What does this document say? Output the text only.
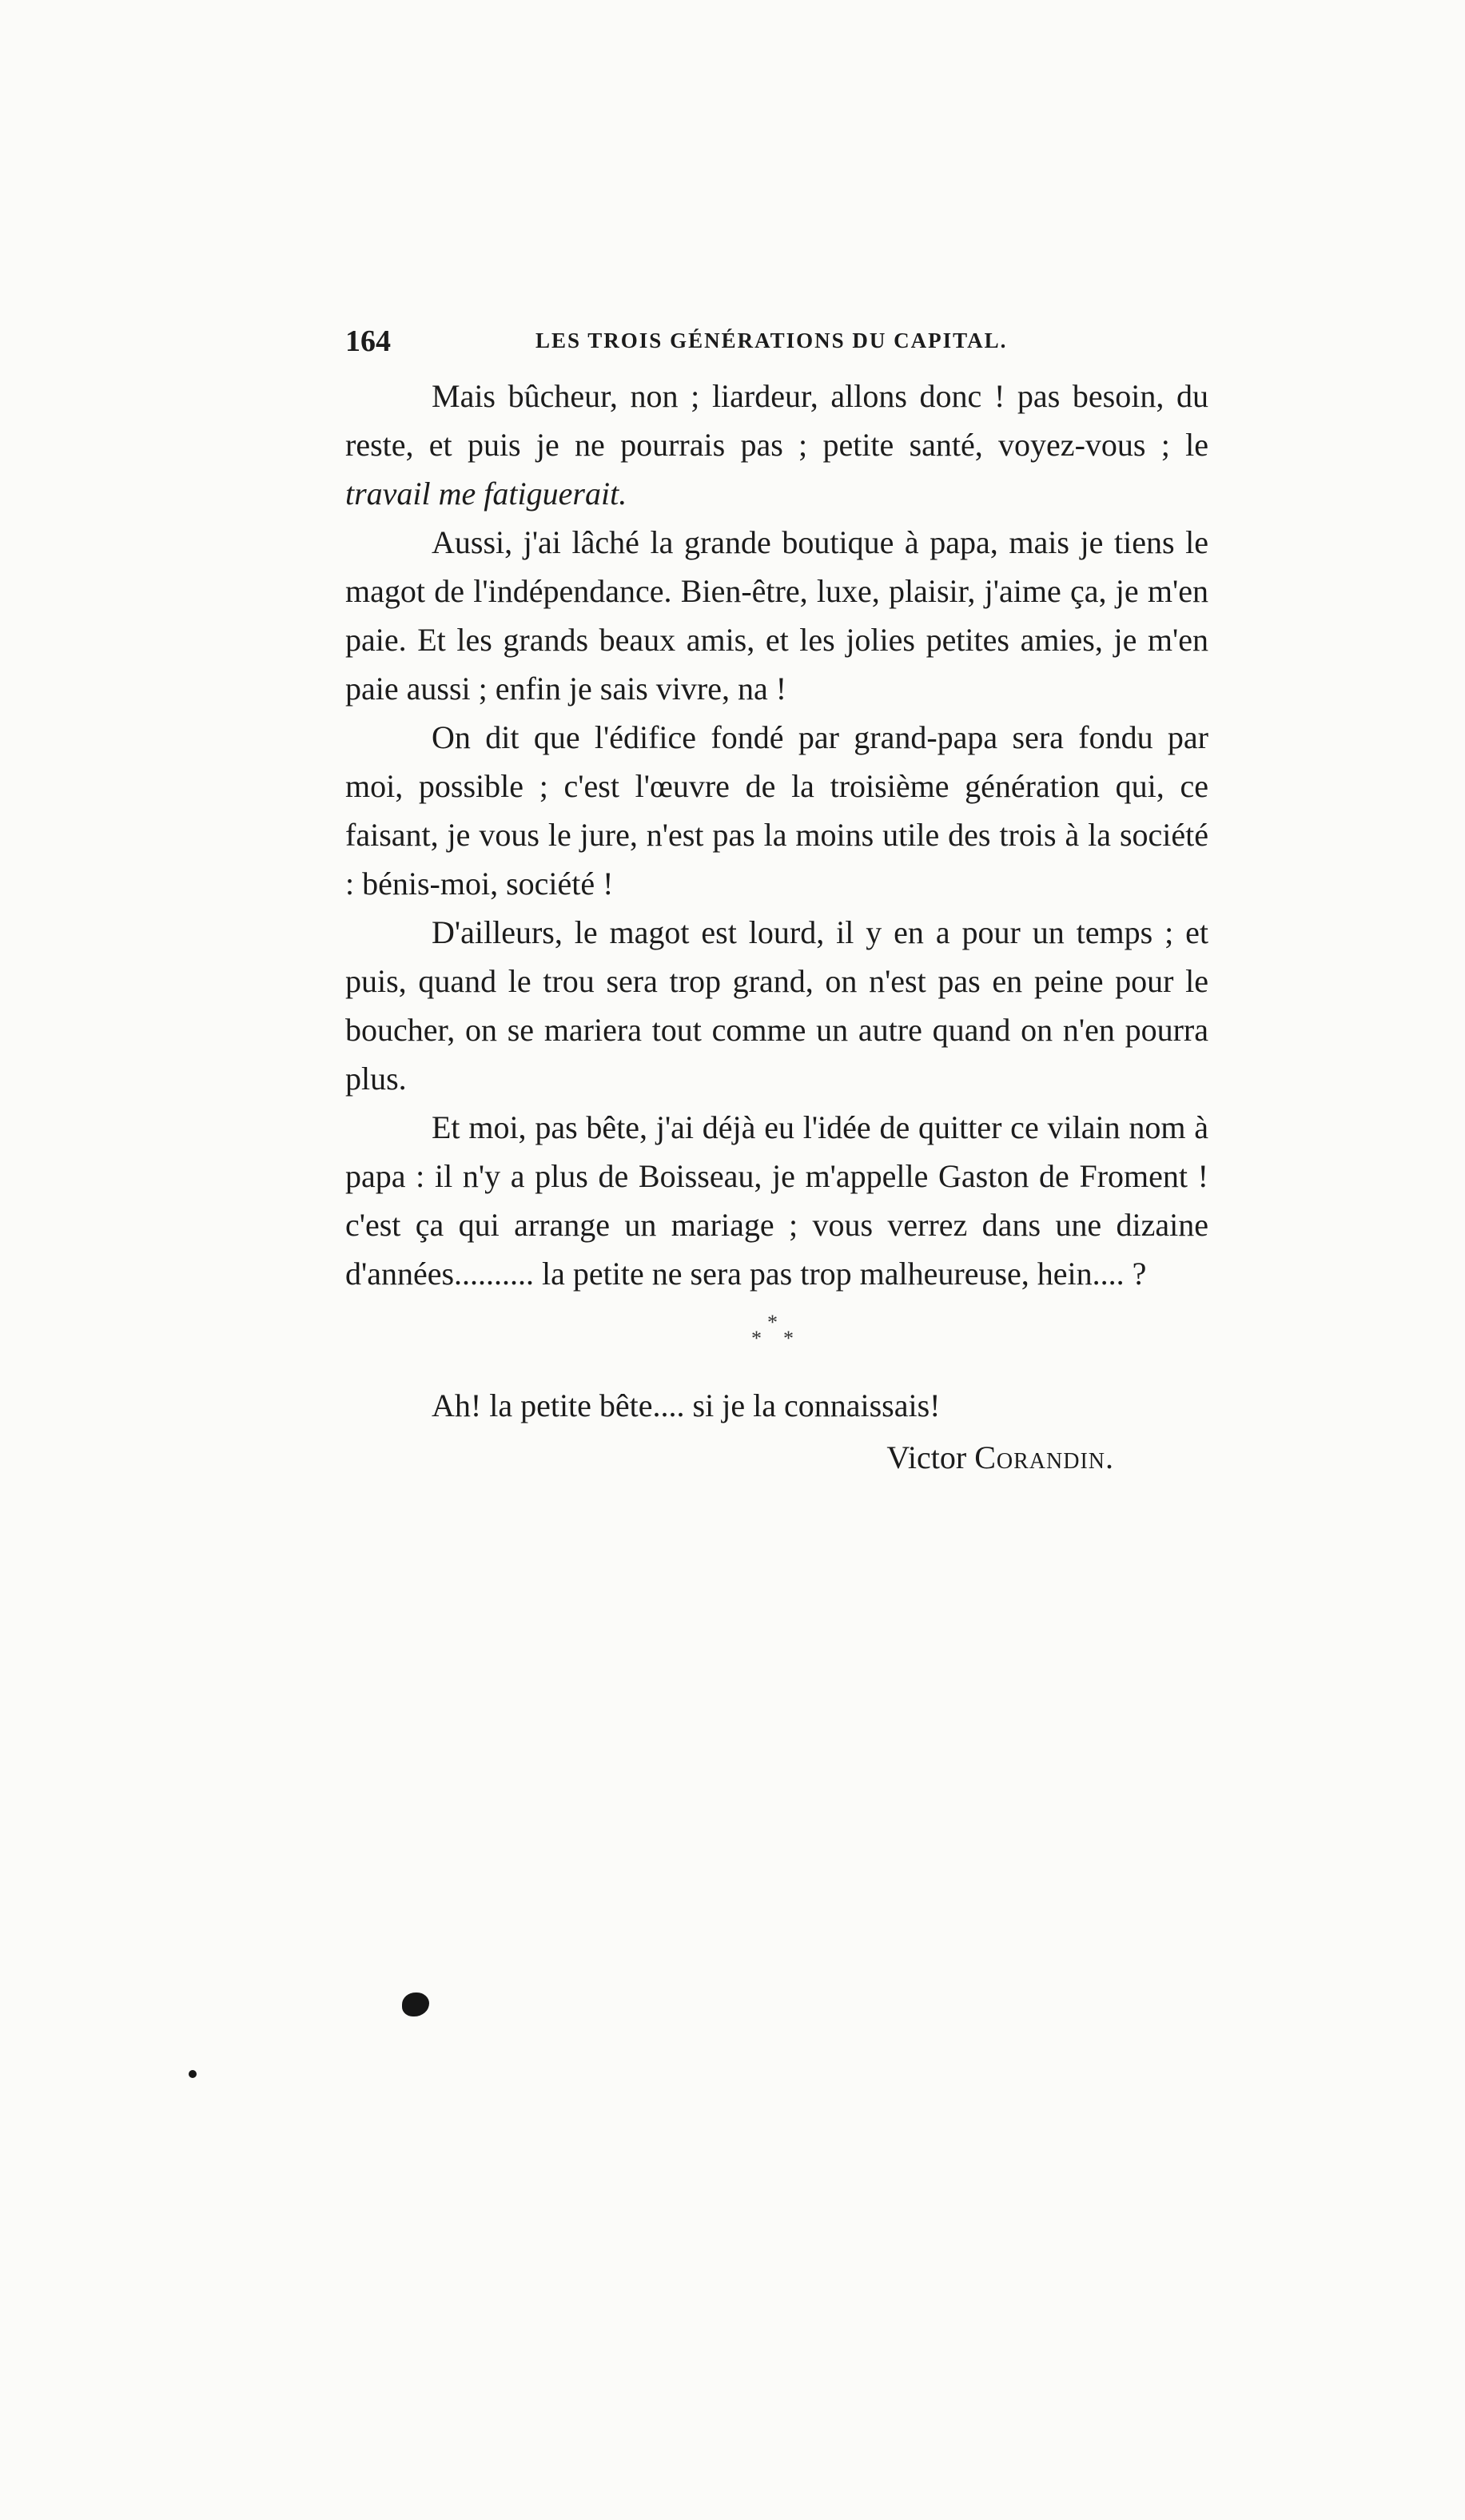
164	LES TROIS GÉNÉRATIONS DU CAPITAL.

Mais bûcheur, non ; liardeur, allons donc ! pas besoin, du reste, et puis je ne pourrais pas ; petite santé, voyez-vous ; le travail me fatiguerait.

Aussi, j'ai lâché la grande boutique à papa, mais je tiens le magot de l'indépendance. Bien-être, luxe, plaisir, j'aime ça, je m'en paie. Et les grands beaux amis, et les jolies petites amies, je m'en paie aussi ; enfin je sais vivre, na !

On dit que l'édifice fondé par grand-papa sera fondu par moi, possible ; c'est l'œuvre de la troisième génération qui, ce faisant, je vous le jure, n'est pas la moins utile des trois à la société : bénis-moi, société !

D'ailleurs, le magot est lourd, il y en a pour un temps ; et puis, quand le trou sera trop grand, on n'est pas en peine pour le boucher, on se mariera tout comme un autre quand on n'en pourra plus.

Et moi, pas bête, j'ai déjà eu l'idée de quitter ce vilain nom à papa : il n'y a plus de Boisseau, je m'appelle Gaston de Froment ! c'est ça qui arrange un mariage ; vous verrez dans une dizaine d'années.......... la petite ne sera pas trop malheureuse, hein.... ?

*
* *

Ah! la petite bête.... si je la connaissais!

Victor Corandin.
